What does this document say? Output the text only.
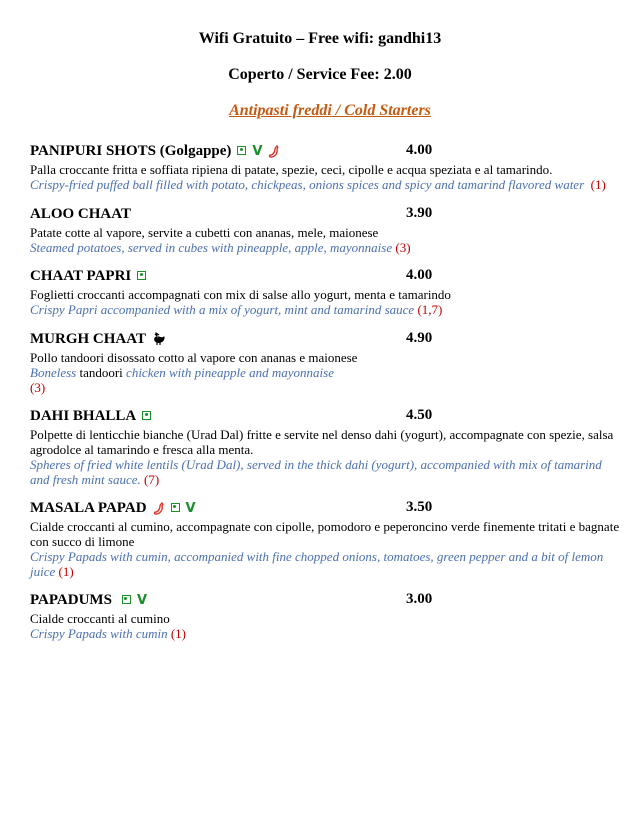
Wifi Gratuito – Free wifi: gandhi13
Coperto / Service Fee: 2.00
Antipasti freddi / Cold Starters
PANIPURI SHOTS (Golgappe) V	4.00
Palla croccante fritta e soffiata ripiena di patate, spezie, ceci, cipolle e acqua speziata e al tamarindo.
Crispy-fried puffed ball filled with potato, chickpeas, onions spices and spicy and tamarind flavored water (1)
ALOO CHAAT	3.90
Patate cotte al vapore, servite a cubetti con ananas, mele, maionese
Steamed potatoes, served in cubes with pineapple, apple, mayonnaise (3)
CHAAT PAPRI	4.00
Foglietti croccanti accompagnati con mix di salse allo yogurt, menta e tamarindo
Crispy Papri accompanied with a mix of yogurt, mint and tamarind sauce (1,7)
MURGH CHAAT	4.90
Pollo tandoori disossato cotto al vapore con ananas e maionese
Boneless tandoori chicken with pineapple and mayonnaise
(3)
DAHI BHALLA	4.50
Polpette di lenticchie bianche (Urad Dal) fritte e servite nel denso dahi (yogurt), accompagnate con spezie, salsa agrodolce al tamarindo e fresca alla menta.
Spheres of fried white lentils (Urad Dal), served in the thick dahi (yogurt), accompanied with mix of tamarind and fresh mint sauce. (7)
MASALA PAPAD	V	3.50
Cialde croccanti al cumino, accompagnate con cipolle, pomodoro e peperoncino verde finemente tritati e bagnate con succo di limone
Crispy Papads with cumin, accompanied with fine chopped onions, tomatoes, green pepper and a bit of lemon juice (1)
PAPADUMS V	3.00
Cialde croccanti al cumino
Crispy Papads with cumin (1)
